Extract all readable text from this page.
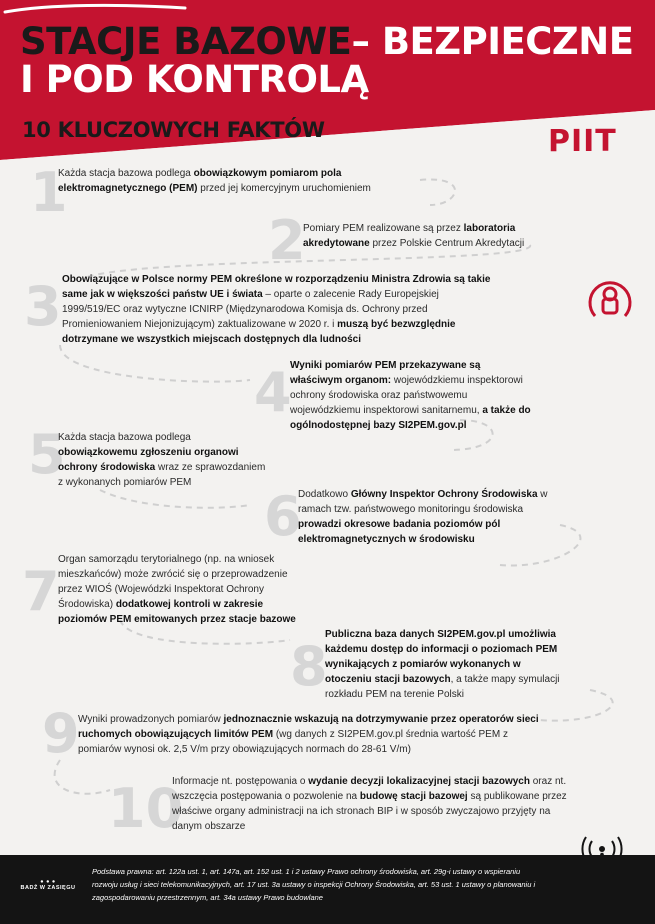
STACJE BAZOWE– BEZPIECZNE
I POD KONTROLĄ
10 KLUCZOWYCH FAKTÓW	PIIT
1
Każda stacja bazowa podlega obowiązkowym pomiarom pola elektromagnetycznego (PEM) przed jej komercyjnym uruchomieniem
2
Pomiary PEM realizowane są przez laboratoria akredytowane przez Polskie Centrum Akredytacji
3 Obowiązujące w Polsce normy PEM określone w rozporządzeniu Ministra Zdrowia są takie same jak w większości państw UE i świata – oparte o zalecenie Rady Europejskiej 1999/519/EC oraz wytyczne ICNIRP (Międzynarodowa Komisja ds. Ochrony przed Promieniowaniem Niejonizującym) zaktualizowane w 2020 r. i muszą być bezwzględnie dotrzymane we wszystkich miejscach dostępnych dla ludności
4
Wyniki pomiarów PEM przekazywane są właściwym organom: wojewódzkiemu inspektorowi ochrony środowiska oraz państwowemu wojewódzkiemu inspektorowi sanitarnemu, a także do ogólnodostępnej bazy SI2PEM.gov.pl
5
Każda stacja bazowa podlega obowiązkowemu zgłoszeniu organowi ochrony środowiska wraz ze sprawozdaniem z wykonanych pomiarów PEM
6
Dodatkowo Główny Inspektor Ochrony Środowiska w ramach tzw. państwowego monitoringu środowiska prowadzi okresowe badania poziomów pól elektromagnetycznych w środowisku
7
Organ samorządu terytorialnego (np. na wniosek mieszkańców) może zwrócić się o przeprowadzenie przez WIOŚ (Wojewódzki Inspektorat Ochrony Środowiska) dodatkowej kontroli w zakresie poziomów PEM emitowanych przez stacje bazowe
8
Publiczna baza danych SI2PEM.gov.pl umożliwia każdemu dostęp do informacji o poziomach PEM wynikających z pomiarów wykonanych w otoczeniu stacji bazowych, a także mapy symulacji rozkładu PEM na terenie Polski
9
Wyniki prowadzonych pomiarów jednoznacznie wskazują na dotrzymywanie przez operatorów sieci ruchomych obowiązujących limitów PEM (wg danych z SI2PEM.gov.pl średnia wartość PEM z pomiarów wynosi ok. 2,5 V/m przy obowiązujących normach do 28-61 V/m)
10
Informacje nt. postępowania o wydanie decyzji lokalizacyjnej stacji bazowych oraz nt. wszczęcia postępowania o pozwolenie na budowę stacji bazowej są publikowane przez właściwe organy administracji na ich stronach BIP i w sposób zwyczajowo przyjęty na danym obszarze
● ● ●
BADŹ W ZASIĘGU
Podstawa prawna: art. 122a ust. 1, art. 147a, art. 152 ust. 1 i 2 ustawy Prawo ochrony środowiska, art. 29g-i ustawy o wspieraniu rozwoju usług i sieci telekomunikacyjnych, art. 17 ust. 3a ustawy o inspekcji Ochrony Środowiska, art. 53 ust. 1 ustawy o planowaniu i zagospodarowaniu przestrzennym, art. 34a ustawy Prawo budowlane
